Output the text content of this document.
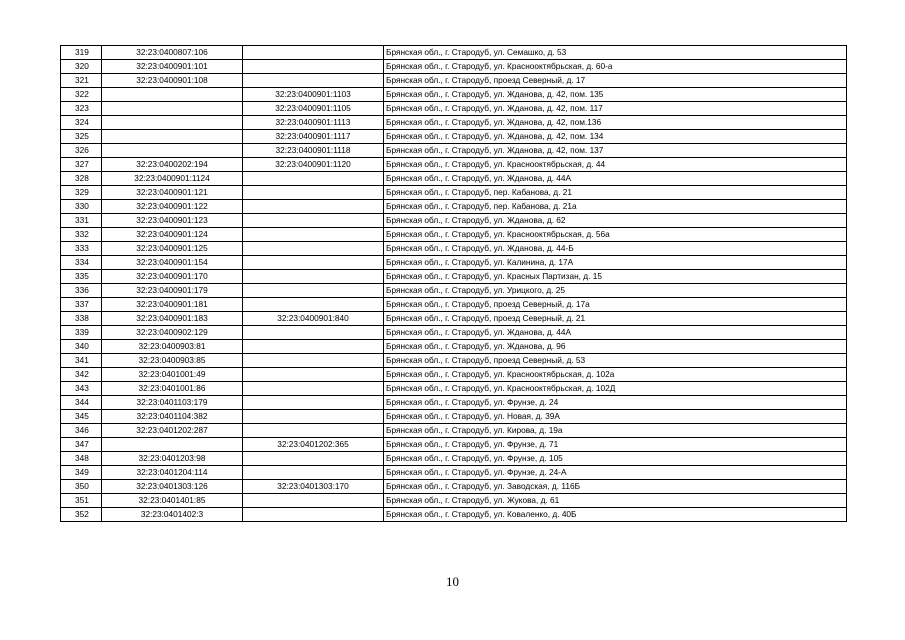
319	32:23:0400807:106		Брянская обл., г. Стародуб, ул. Семашко, д. 53
320	32:23:0400901:101		Брянская обл., г. Стародуб, ул. Краснооктябрьская, д. 60-а
321	32:23:0400901:108		Брянская обл., г. Стародуб, проезд Северный, д. 17
322		32:23:0400901:1103	Брянская обл., г. Стародуб, ул. Жданова, д. 42, пом. 135
323		32:23:0400901:1105	Брянская обл., г. Стародуб, ул. Жданова, д. 42, пом. 117
324		32:23:0400901:1113	Брянская обл., г. Стародуб, ул. Жданова, д. 42, пом.136
325		32:23:0400901:1117	Брянская обл., г. Стародуб, ул. Жданова, д. 42, пом. 134
326		32:23:0400901:1118	Брянская обл., г. Стародуб, ул. Жданова, д. 42, пом. 137
327	32:23:0400202:194	32:23:0400901:1120	Брянская обл., г. Стародуб, ул. Краснооктябрьская, д. 44
328	32:23:0400901:1124		Брянская обл., г. Стародуб, ул. Жданова, д. 44А
329	32:23:0400901:121		Брянская обл., г. Стародуб, пер. Кабанова, д. 21
330	32:23:0400901:122		Брянская обл., г. Стародуб, пер. Кабанова, д. 21а
331	32:23:0400901:123		Брянская обл., г. Стародуб, ул. Жданова, д. 62
332	32:23:0400901:124		Брянская обл., г. Стародуб, ул. Краснооктябрьская, д. 56а
333	32:23:0400901:125		Брянская обл., г. Стародуб, ул. Жданова, д. 44-Б
334	32:23:0400901:154		Брянская обл., г. Стародуб, ул. Калинина, д. 17А
335	32:23:0400901:170		Брянская обл., г. Стародуб, ул. Красных Партизан, д. 15
336	32:23:0400901:179		Брянская обл., г. Стародуб, ул. Урицкого, д. 25
337	32:23:0400901:181		Брянская обл., г. Стародуб, проезд Северный, д. 17а
338	32:23:0400901:183	32:23:0400901:840	Брянская обл., г. Стародуб, проезд Северный, д. 21
339	32:23:0400902:129		Брянская обл., г. Стародуб, ул. Жданова, д. 44А
340	32:23:0400903:81		Брянская обл., г. Стародуб, ул. Жданова, д. 96
341	32:23:0400903:85		Брянская обл., г. Стародуб, проезд Северный, д. 53
342	32:23:0401001:49		Брянская обл., г. Стародуб, ул. Краснооктябрьская, д. 102а
343	32:23:0401001:86		Брянская обл., г. Стародуб, ул. Краснооктябрьская, д. 102Д
344	32:23:0401103:179		Брянская обл., г. Стародуб, ул. Фрунзе, д. 24
345	32:23:0401104:382		Брянская обл., г. Стародуб, ул. Новая, д. 39А
346	32:23:0401202:287		Брянская обл., г. Стародуб, ул. Кирова, д. 19а
347		32:23:0401202:365	Брянская обл., г. Стародуб, ул. Фрунзе, д. 71
348	32:23:0401203:98		Брянская обл., г. Стародуб, ул. Фрунзе, д. 105
349	32:23:0401204:114		Брянская обл., г. Стародуб, ул. Фрунзе, д. 24-А
350	32:23:0401303:126	32:23:0401303:170	Брянская обл., г. Стародуб, ул. Заводская, д. 116Б
351	32:23:0401401:85		Брянская обл., г. Стародуб, ул. Жукова, д. 61
352	32:23:0401402:3		Брянская обл., г. Стародуб, ул. Коваленко, д. 40Б
10
